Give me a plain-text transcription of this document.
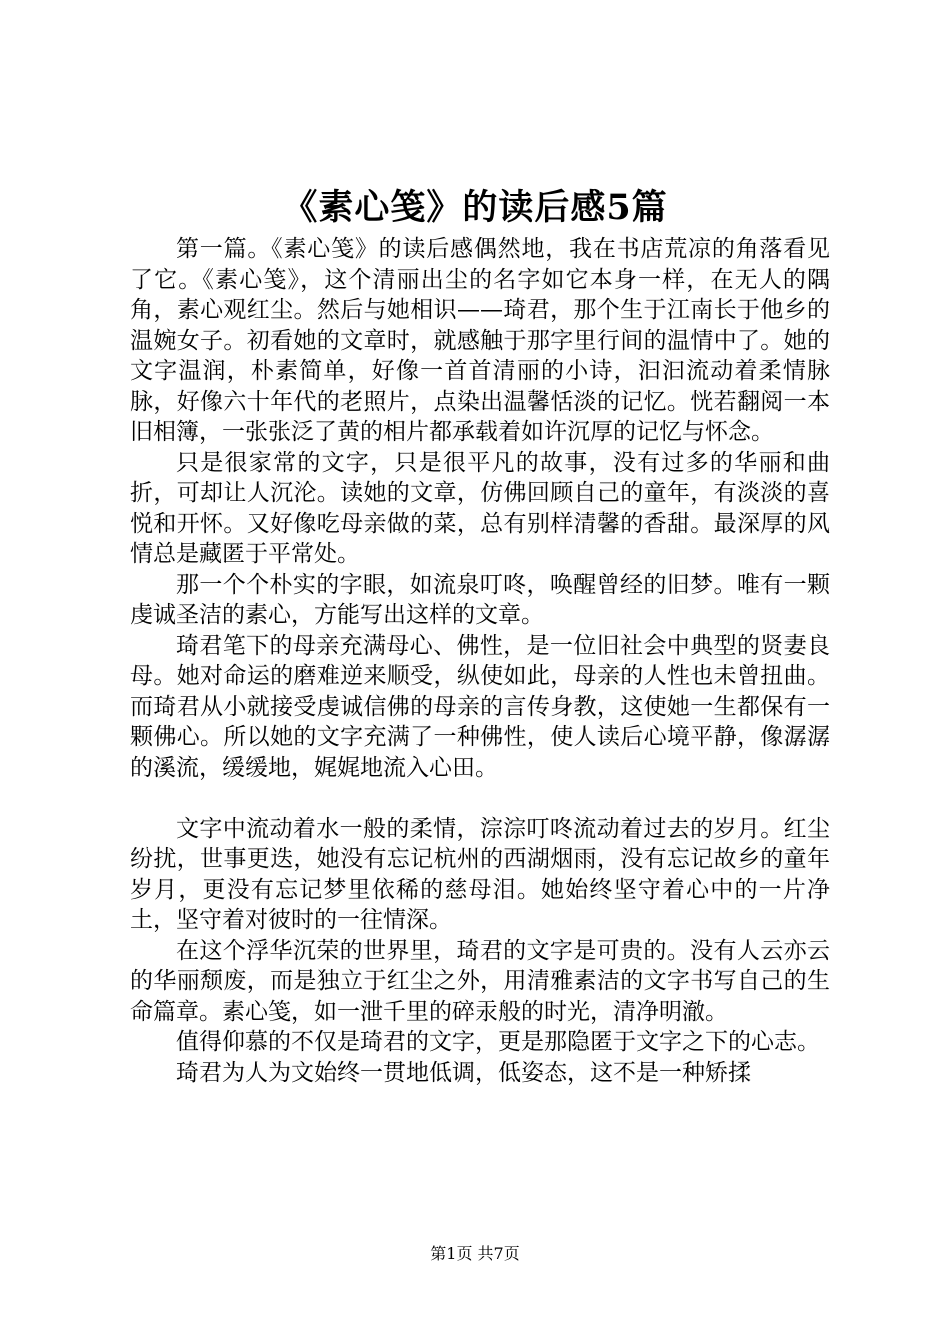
《素心笺》的读后感5篇

第一篇。《素心笺》的读后感偶然地，我在书店荒凉的角落看见了它。《素心笺》，这个清丽出尘的名字如它本身一样，在无人的隅角，素心观红尘。然后与她相识——琦君，那个生于江南长于他乡的温婉女子。初看她的文章时，就感触于那字里行间的温情中了。她的文字温润，朴素简单，好像一首首清丽的小诗，汩汩流动着柔情脉脉，好像六十年代的老照片，点染出温馨恬淡的记忆。恍若翻阅一本旧相簿，一张张泛了黄的相片都承载着如许沉厚的记忆与怀念。

只是很家常的文字，只是很平凡的故事，没有过多的华丽和曲折，可却让人沉沦。读她的文章，仿佛回顾自己的童年，有淡淡的喜悦和开怀。又好像吃母亲做的菜，总有别样清馨的香甜。最深厚的风情总是藏匿于平常处。

那一个个朴实的字眼，如流泉叮咚，唤醒曾经的旧梦。唯有一颗虔诚圣洁的素心，方能写出这样的文章。

琦君笔下的母亲充满母心、佛性，是一位旧社会中典型的贤妻良母。她对命运的磨难逆来顺受，纵使如此，母亲的人性也未曾扭曲。而琦君从小就接受虔诚信佛的母亲的言传身教，这使她一生都保有一颗佛心。所以她的文字充满了一种佛性，使人读后心境平静，像潺潺的溪流，缓缓地，娓娓地流入心田。

文字中流动着水一般的柔情，淙淙叮咚流动着过去的岁月。红尘纷扰，世事更迭，她没有忘记杭州的西湖烟雨，没有忘记故乡的童年岁月，更没有忘记梦里依稀的慈母泪。她始终坚守着心中的一片净土，坚守着对彼时的一往情深。

在这个浮华沉荣的世界里，琦君的文字是可贵的。没有人云亦云的华丽颓废，而是独立于红尘之外，用清雅素洁的文字书写自己的生命篇章。素心笺，如一泄千里的碎汞般的时光，清净明澈。

值得仰慕的不仅是琦君的文字，更是那隐匿于文字之下的心志。

琦君为人为文始终一贯地低调，低姿态，这不是一种矫揉

第1页 共7页
